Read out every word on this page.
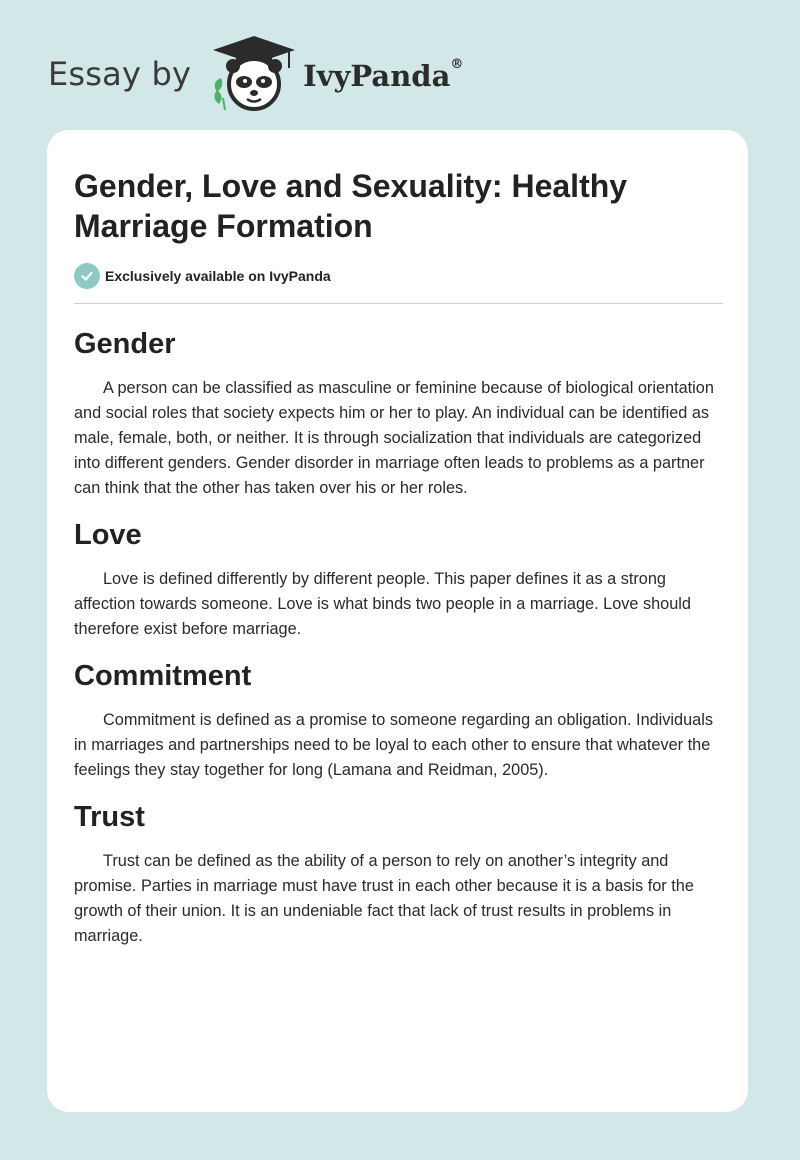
Essay by	IvyPanda®
Gender, Love and Sexuality: Healthy Marriage Formation
Exclusively available on IvyPanda
Gender

A person can be classified as masculine or feminine because of biological orientation and social roles that society expects him or her to play. An individual can be identified as male, female, both, or neither. It is through socialization that individuals are categorized into different genders. Gender disorder in marriage often leads to problems as a partner can think that the other has taken over his or her roles.

Love

Love is defined differently by different people. This paper defines it as a strong affection towards someone. Love is what binds two people in a marriage. Love should therefore exist before marriage.

Commitment

Commitment is defined as a promise to someone regarding an obligation. Individuals in marriages and partnerships need to be loyal to each other to ensure that whatever the feelings they stay together for long (Lamana and Reidman, 2005).

Trust

Trust can be defined as the ability of a person to rely on another’s integrity and promise. Parties in marriage must have trust in each other because it is a basis for the growth of their union. It is an undeniable fact that lack of trust results in problems in marriage.
